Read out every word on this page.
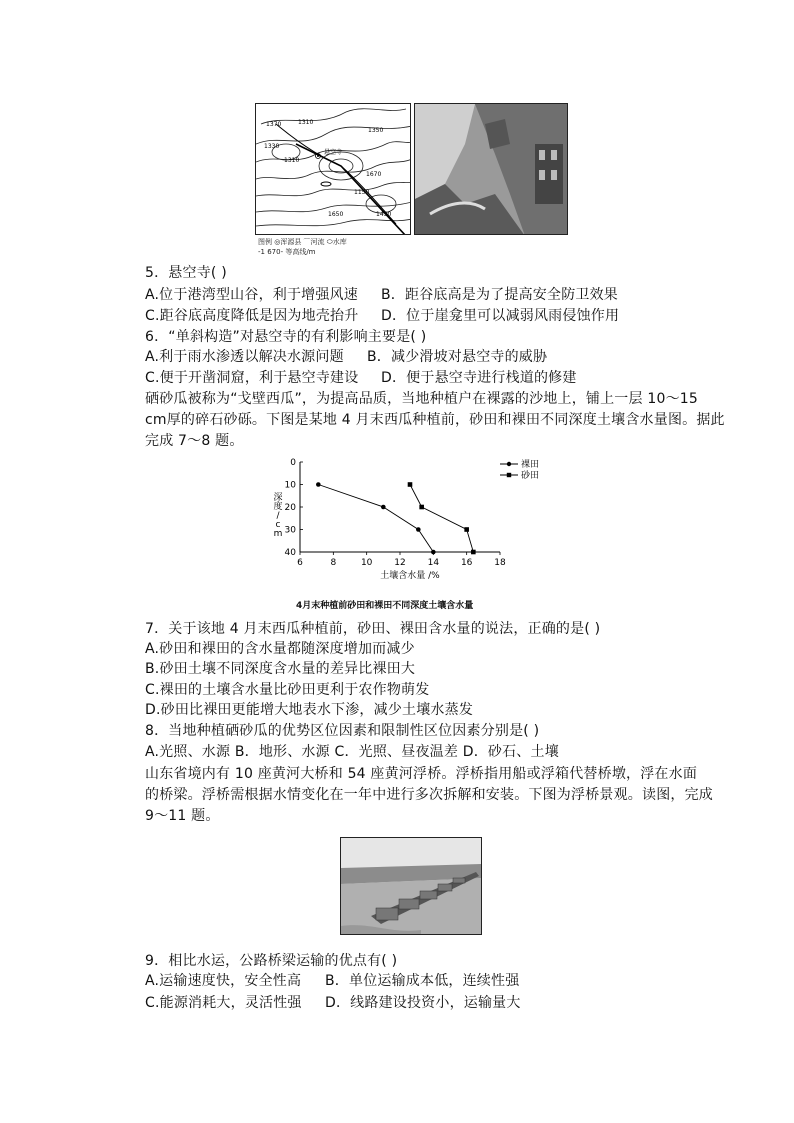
1370	1310
1330
1310
1150
1650
1350
1670
1450
悬空寺
图例 ◎浑源县 ⌒河流 ⬭水库
-1 670- 等高线/m
5．悬空寺( )
A.位于港湾型山谷，利于增强风速 B．距谷底高是为了提高安全防卫效果
C.距谷底高度降低是因为地壳抬升 D．位于崖龛里可以减弱风雨侵蚀作用
6．“单斜构造”对悬空寺的有利影响主要是( )
A.利于雨水渗透以解决水源问题 B．减少滑坡对悬空寺的威胁
C.便于开凿洞窟，利于悬空寺建设 D．便于悬空寺进行栈道的修建
硒砂瓜被称为“戈壁西瓜”，为提高品质，当地种植户在裸露的沙地上，铺上一层 10～15
cm厚的碎石砂砾。下图是某地 4 月末西瓜种植前，砂田和裸田不同深度土壤含水量图。据此
完成 7～8 题。
6	8	10 12 14 16 18
0
10
20
30
40
土壤含水量 /%
深
度
/
c
m
裸田
砂田
4月末种植前砂田和裸田不同深度土壤含水量
7．关于该地 4 月末西瓜种植前，砂田、裸田含水量的说法，正确的是( )
A.砂田和裸田的含水量都随深度增加而减少
B.砂田土壤不同深度含水量的差异比裸田大
C.裸田的土壤含水量比砂田更利于农作物萌发
D.砂田比裸田更能增大地表水下渗，减少土壤水蒸发
8．当地种植硒砂瓜的优势区位因素和限制性区位因素分别是( )
A.光照、水源 B．地形、水源 C．光照、昼夜温差 D．砂石、土壤
山东省境内有 10 座黄河大桥和 54 座黄河浮桥。浮桥指用船或浮箱代替桥墩，浮在水面
的桥梁。浮桥需根据水情变化在一年中进行多次拆解和安装。下图为浮桥景观。读图，完成
9～11 题。
9．相比水运，公路桥梁运输的优点有( )
A.运输速度快，安全性高 B．单位运输成本低，连续性强
C.能源消耗大，灵活性强 D．线路建设投资小，运输量大
